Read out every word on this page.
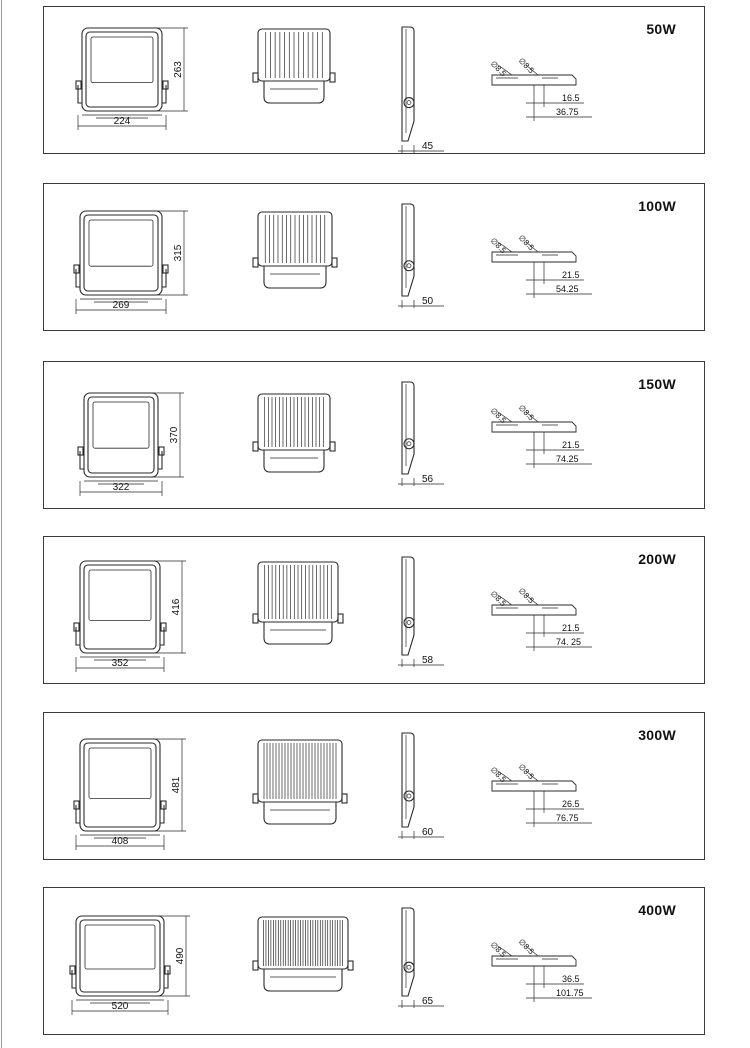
50W
224
263
45
∅8.5 ∅8.5
16.5
36.75
100W
269
315
50
∅8.5 ∅8.5
21.5
54.25
150W
322
370
56
∅8.5 ∅8.5
21.5
74.25
200W
352
416
58
∅8.5 ∅8.5
21.5
74. 25
300W
408
481
60
∅8.5 ∅8.5
26.5
76.75
400W
520
490
65
∅8.5 ∅8.5
36.5
101.75
